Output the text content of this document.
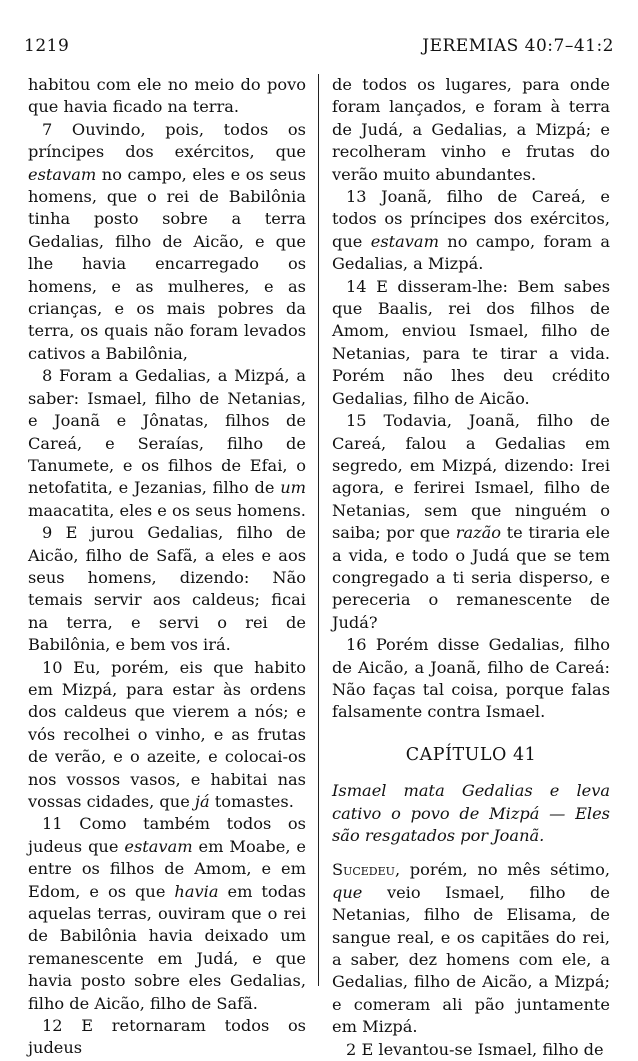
1219	JEREMIAS 40:7–41:2

habitou com ele no meio do povo que havia ficado na terra.

7 Ouvindo, pois, todos os príncipes dos exércitos, que estavam no campo, eles e os seus homens, que o rei de Babilônia tinha posto sobre a terra Gedalias, filho de Aicão, e que lhe havia encarregado os homens, e as mulheres, e as crianças, e os mais pobres da terra, os quais não foram levados cativos a Babilônia,

8 Foram a Gedalias, a Mizpá, a saber: Ismael, filho de Netanias, e Joanã e Jônatas, filhos de Careá, e Seraías, filho de Tanumete, e os filhos de Efai, o netofatita, e Jezanias, filho de um maacatita, eles e os seus homens.

9 E jurou Gedalias, filho de Aicão, filho de Safã, a eles e aos seus homens, dizendo: Não temais servir aos caldeus; ficai na terra, e servi o rei de Babilônia, e bem vos irá.

10 Eu, porém, eis que habito em Mizpá, para estar às ordens dos caldeus que vierem a nós; e vós recolhei o vinho, e as frutas de verão, e o azeite, e colocai-os nos vossos vasos, e habitai nas vossas cidades, que já tomastes.

11 Como também todos os judeus que estavam em Moabe, e entre os filhos de Amom, e em Edom, e os que havia em todas aquelas terras, ouviram que o rei de Babilônia havia deixado um remanescente em Judá, e que havia posto sobre eles Gedalias, filho de Aicão, filho de Safã.

12 E retornaram todos os judeus

de todos os lugares, para onde foram lançados, e foram à terra de Judá, a Gedalias, a Mizpá; e recolheram vinho e frutas do verão muito abundantes.

13 Joanã, filho de Careá, e todos os príncipes dos exércitos, que estavam no campo, foram a Gedalias, a Mizpá.

14 E disseram-lhe: Bem sabes que Baalis, rei dos filhos de Amom, enviou Ismael, filho de Netanias, para te tirar a vida. Porém não lhes deu crédito Gedalias, filho de Aicão.

15 Todavia, Joanã, filho de Careá, falou a Gedalias em segredo, em Mizpá, dizendo: Irei agora, e ferirei Ismael, filho de Netanias, sem que ninguém o saiba; por que razão te tiraria ele a vida, e todo o Judá que se tem congregado a ti seria disperso, e pereceria o remanescente de Judá?

16 Porém disse Gedalias, filho de Aicão, a Joanã, filho de Careá: Não faças tal coisa, porque falas falsamente contra Ismael.

CAPÍTULO 41

Ismael mata Gedalias e leva cativo o povo de Mizpá — Eles são resgatados por Joanã.

Sucedeu, porém, no mês sétimo, que veio Ismael, filho de Netanias, filho de Elisama, de sangue real, e os capitães do rei, a saber, dez homens com ele, a Gedalias, filho de Aicão, a Mizpá; e comeram ali pão juntamente em Mizpá.

2 E levantou-se Ismael, filho de
